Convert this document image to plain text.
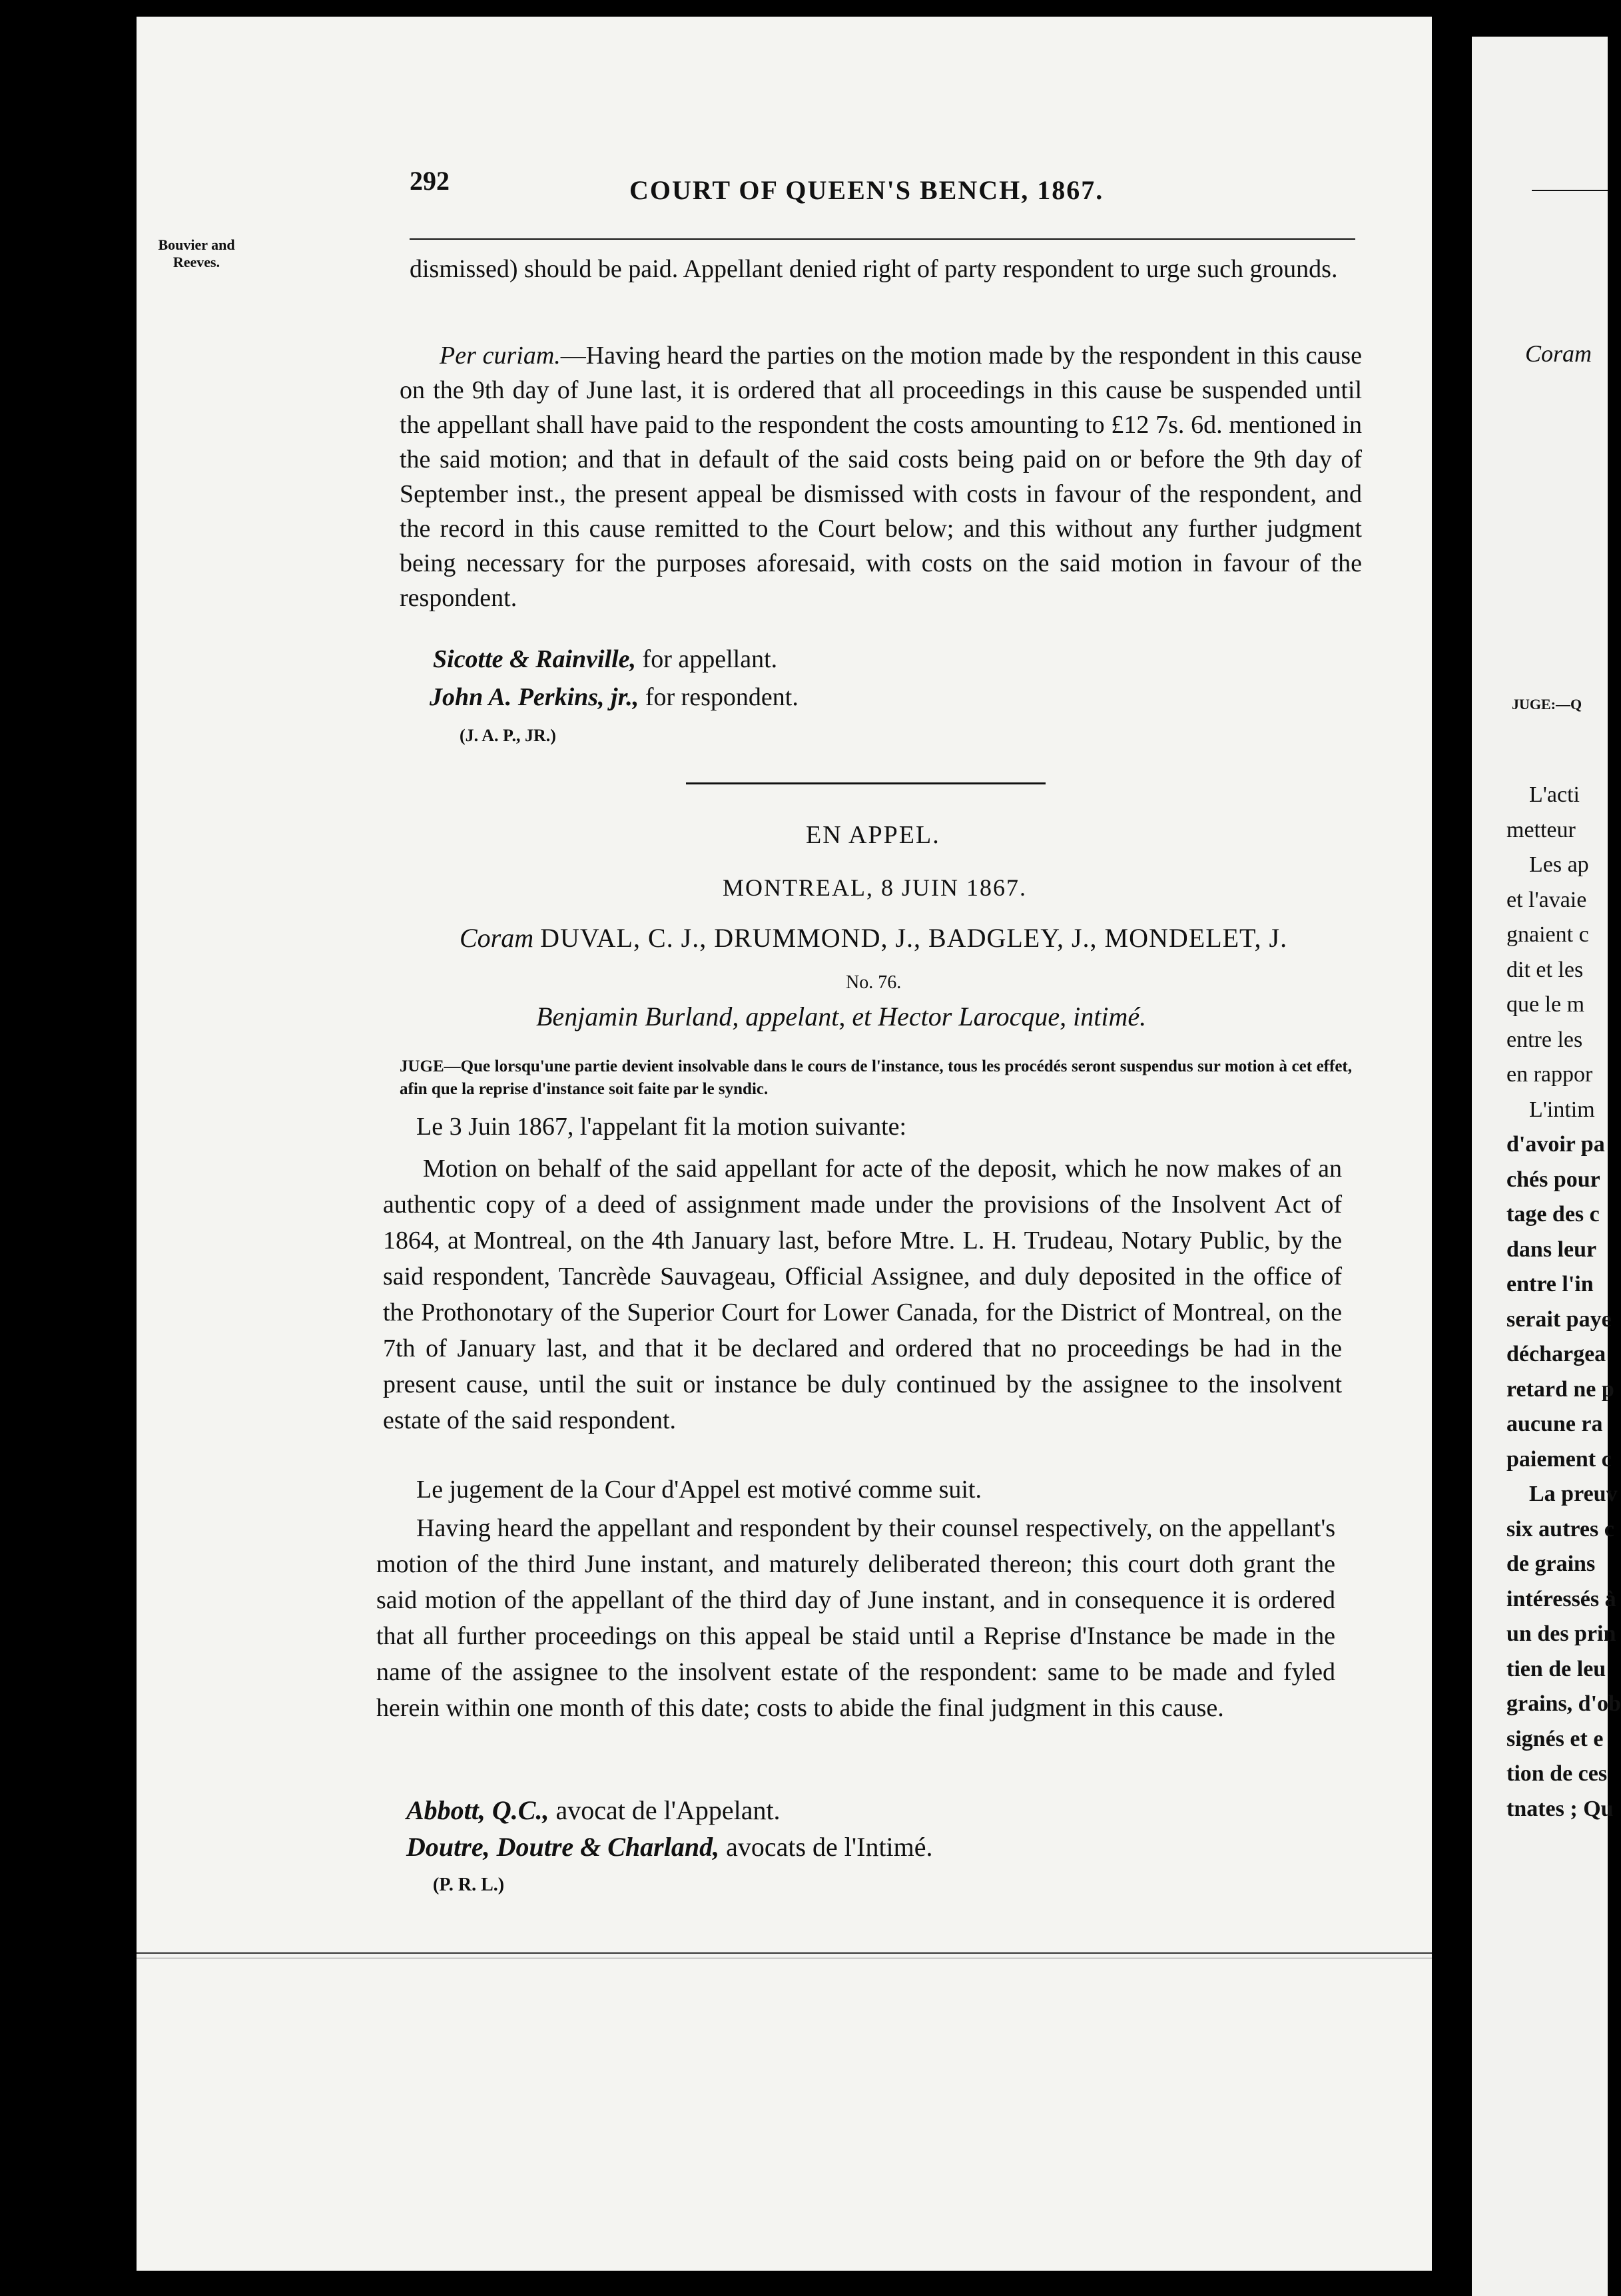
292	COURT OF QUEEN'S BENCH, 1867.
Bouvier and Reeves.	dismissed) should be paid. Appellant denied right of party respondent to urge such grounds.
Per curiam.—Having heard the parties on the motion made by the respondent in this cause on the 9th day of June last, it is ordered that all proceedings in this cause be suspended until the appellant shall have paid to the respondent the costs amounting to £12 7s. 6d. mentioned in the said motion; and that in default of the said costs being paid on or before the 9th day of September inst., the present appeal be dismissed with costs in favour of the respondent, and the record in this cause remitted to the Court below; and this without any further judgment being necessary for the purposes aforesaid, with costs on the said motion in favour of the respondent.
Sicotte & Rainville, for appellant.
John A. Perkins, jr., for respondent.
(J. A. P., JR.)
EN APPEL.
MONTREAL, 8 JUIN 1867.
Coram DUVAL, C. J., DRUMMOND, J., BADGLEY, J., MONDELET, J.
No. 76.
Benjamin Burland, appelant, et Hector Larocque, intimé.
JUGE—Que lorsqu'une partie devient insolvable dans le cours de l'instance, tous les procédés seront suspendus sur motion à cet effet, afin que la reprise d'instance soit faite par le syndic.
Le 3 Juin 1867, l'appelant fit la motion suivante:
Motion on behalf of the said appellant for acte of the deposit, which he now makes of an authentic copy of a deed of assignment made under the provisions of the Insolvent Act of 1864, at Montreal, on the 4th January last, before Mtre. L. H. Trudeau, Notary Public, by the said respondent, Tancrède Sauvageau, Official Assignee, and duly deposited in the office of the Prothonotary of the Superior Court for Lower Canada, for the District of Montreal, on the 7th of January last, and that it be declared and ordered that no proceedings be had in the present cause, until the suit or instance be duly continued by the assignee to the insolvent estate of the said respondent.
Le jugement de la Cour d'Appel est motivé comme suit.
Having heard the appellant and respondent by their counsel respectively, on the appellant's motion of the third June instant, and maturely deliberated thereon; this court doth grant the said motion of the appellant of the third day of June instant, and in consequence it is ordered that all further proceedings on this appeal be staid until a Reprise d'Instance be made in the name of the assignee to the insolvent estate of the respondent: same to be made and fyled herein within one month of this date; costs to abide the final judgment in this cause.
Abbott, Q.C., avocat de l'Appelant.
Doutre, Doutre & Charland, avocats de l'Intimé.
(P. R. L.)
Coram
JUGE:—Q
L'acti
metteur
Les ap
et l'avaie
gnaient c
dit et les
que le m
entre les
en rappor
L'intim
d'avoir pa
chés pour
tage des c
dans leur
entre l'in
serait paye
déchargea
retard ne p
aucune ra
paiement c
La preuv
six autres c
de grains
intéressés à
un des prin
tien de leu
grains, d'ob
signés et e
tion de ces
tnates ; Qu
